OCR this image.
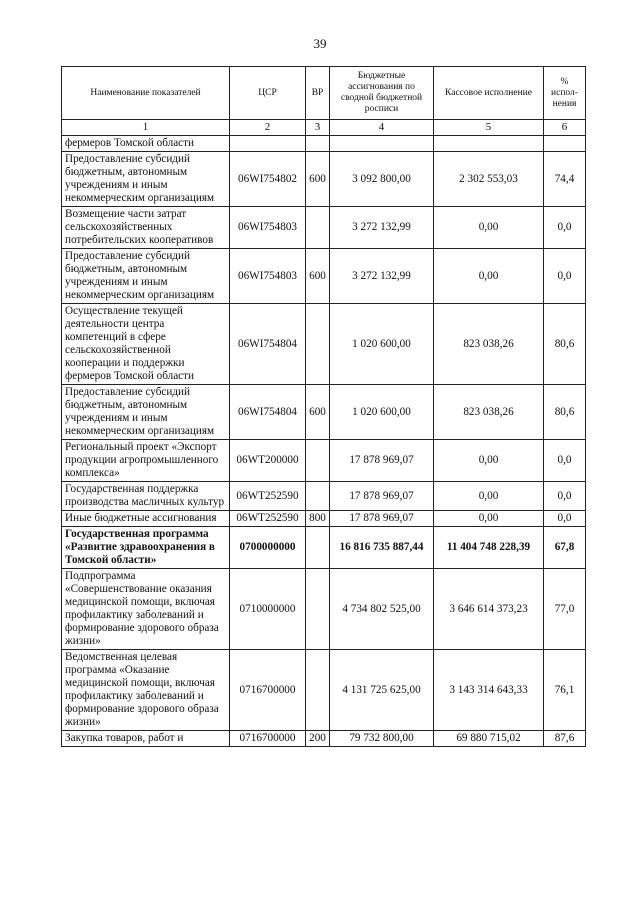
39
Наименование показателей	ЦСР	ВР	Бюджетные ассигнования по сводной бюджетной росписи	Кассовое исполнение	% испол-нения
1	2	3	4	5	6
фермеров Томской области					
Предоставление субсидий бюджетным, автономным учреждениям и иным некоммерческим организациям	06WI754802	600	3 092 800,00	2 302 553,03	74,4
Возмещение части затрат сельскохозяйственных потребительских кооперативов	06WI754803		3 272 132,99	0,00	0,0
Предоставление субсидий бюджетным, автономным учреждениям и иным некоммерческим организациям	06WI754803	600	3 272 132,99	0,00	0,0
Осуществление текущей деятельности центра компетенций в сфере сельскохозяйственной кооперации и поддержки фермеров Томской области	06WI754804		1 020 600,00	823 038,26	80,6
Предоставление субсидий бюджетным, автономным учреждениям и иным некоммерческим организациям	06WI754804	600	1 020 600,00	823 038,26	80,6
Региональный проект «Экспорт продукции агропромышленного комплекса»	06WT200000		17 878 969,07	0,00	0,0
Государственная поддержка производства масличных культур	06WT252590		17 878 969,07	0,00	0,0
Иные бюджетные ассигнования	06WT252590	800	17 878 969,07	0,00	0,0
Государственная программа «Развитие здравоохранения в Томской области»	0700000000		16 816 735 887,44	11 404 748 228,39	67,8
Подпрограмма «Совершенствование оказания медицинской помощи, включая профилактику заболеваний и формирование здорового образа жизни»	0710000000		4 734 802 525,00	3 646 614 373,23	77,0
Ведомственная целевая программа «Оказание медицинской помощи, включая профилактику заболеваний и формирование здорового образа жизни»	0716700000		4 131 725 625,00	3 143 314 643,33	76,1
Закупка товаров, работ и	0716700000	200	79 732 800,00	69 880 715,02	87,6
